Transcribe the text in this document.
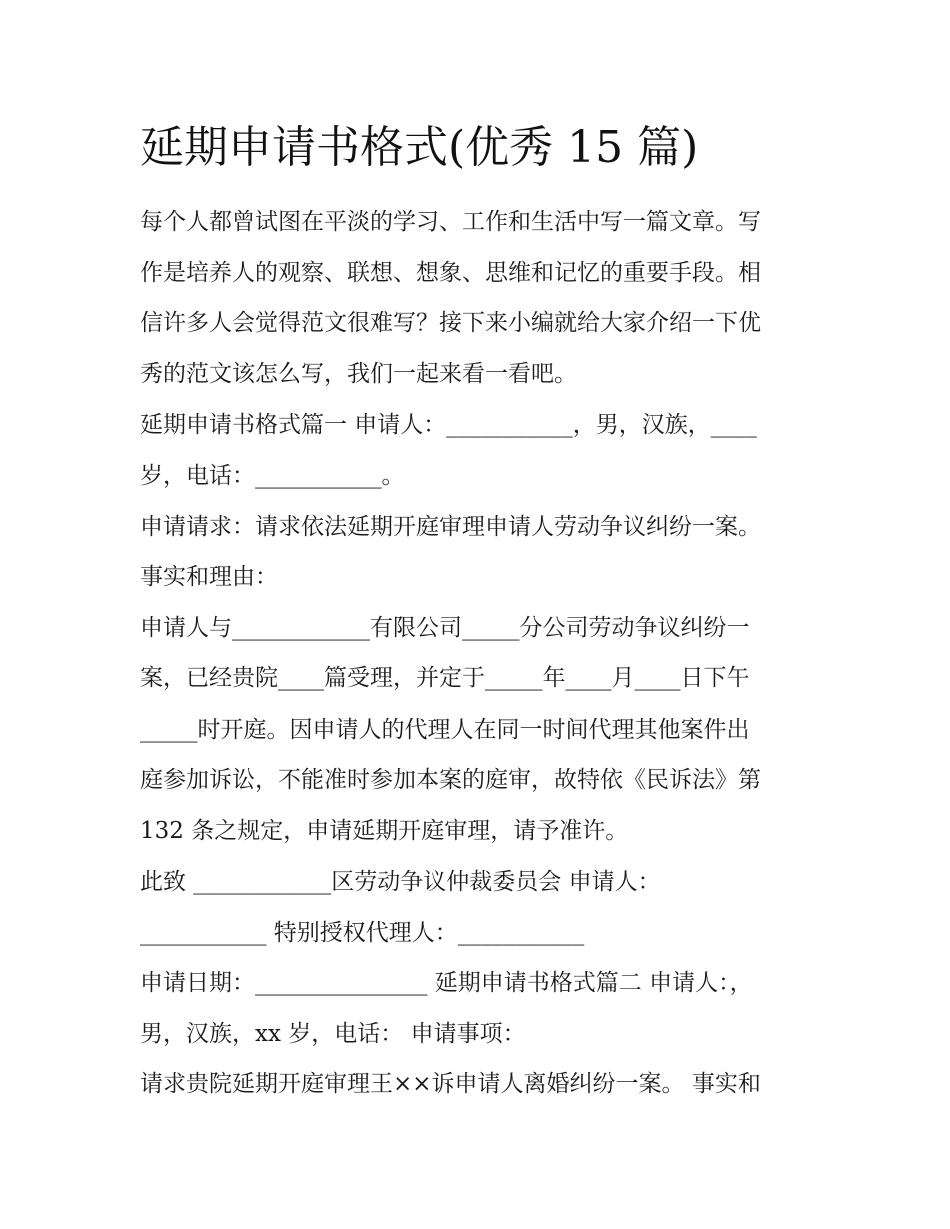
延期申请书格式(优秀 15 篇)
每个人都曾试图在平淡的学习、工作和生活中写一篇文章。写
作是培养人的观察、联想、想象、思维和记忆的重要手段。相
信许多人会觉得范文很难写？接下来小编就给大家介绍一下优
秀的范文该怎么写，我们一起来看一看吧。
延期申请书格式篇一 申请人：___________，男，汉族，____
岁，电话：___________。
申请请求：请求依法延期开庭审理申请人劳动争议纠纷一案。
事实和理由：
申请人与____________有限公司_____分公司劳动争议纠纷一
案，已经贵院____篇受理，并定于_____年____月____日下午
_____时开庭。因申请人的代理人在同一时间代理其他案件出
庭参加诉讼，不能准时参加本案的庭审，故特依《民诉法》第
132 条之规定，申请延期开庭审理，请予准许。
此致 ____________区劳动争议仲裁委员会 申请人：
___________ 特别授权代理人：___________
申请日期：_______________ 延期申请书格式篇二 申请人：，
男，汉族，xx 岁，电话： 申请事项：
请求贵院延期开庭审理王××诉申请人离婚纠纷一案。 事实和
